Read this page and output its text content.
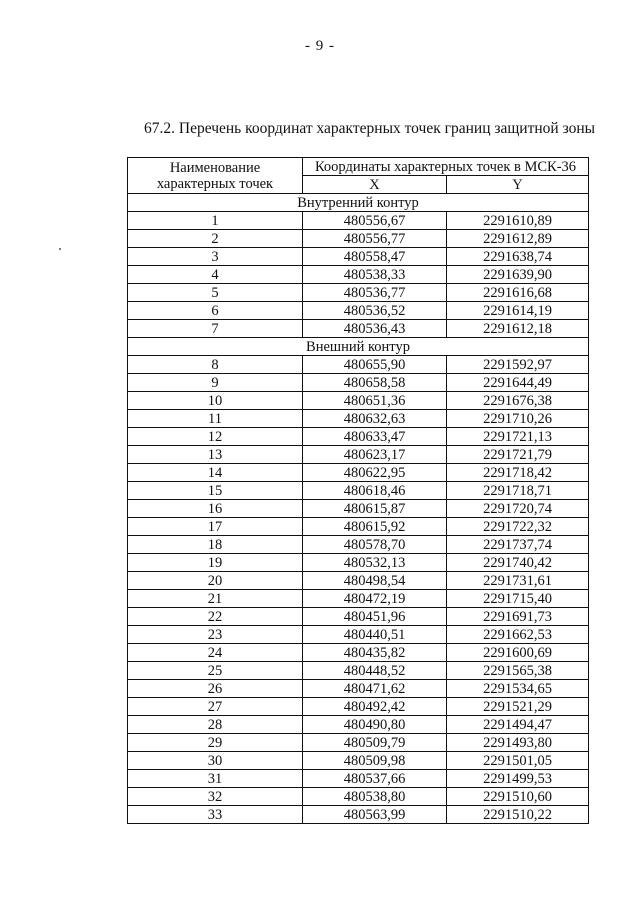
- 9 -
67.2. Перечень координат характерных точек границ защитной зоны
Наименование
характерных точек	Координаты характерных точек в МСК-36	
	X	Y
Внутренний контур		
1	480556,67	2291610,89
2	480556,77	2291612,89
3	480558,47	2291638,74
4	480538,33	2291639,90
5	480536,77	2291616,68
6	480536,52	2291614,19
7	480536,43	2291612,18
Внешний контур		
8	480655,90	2291592,97
9	480658,58	2291644,49
10	480651,36	2291676,38
11	480632,63	2291710,26
12	480633,47	2291721,13
13	480623,17	2291721,79
14	480622,95	2291718,42
15	480618,46	2291718,71
16	480615,87	2291720,74
17	480615,92	2291722,32
18	480578,70	2291737,74
19	480532,13	2291740,42
20	480498,54	2291731,61
21	480472,19	2291715,40
22	480451,96	2291691,73
23	480440,51	2291662,53
24	480435,82	2291600,69
25	480448,52	2291565,38
26	480471,62	2291534,65
27	480492,42	2291521,29
28	480490,80	2291494,47
29	480509,79	2291493,80
30	480509,98	2291501,05
31	480537,66	2291499,53
32	480538,80	2291510,60
33	480563,99	2291510,22
